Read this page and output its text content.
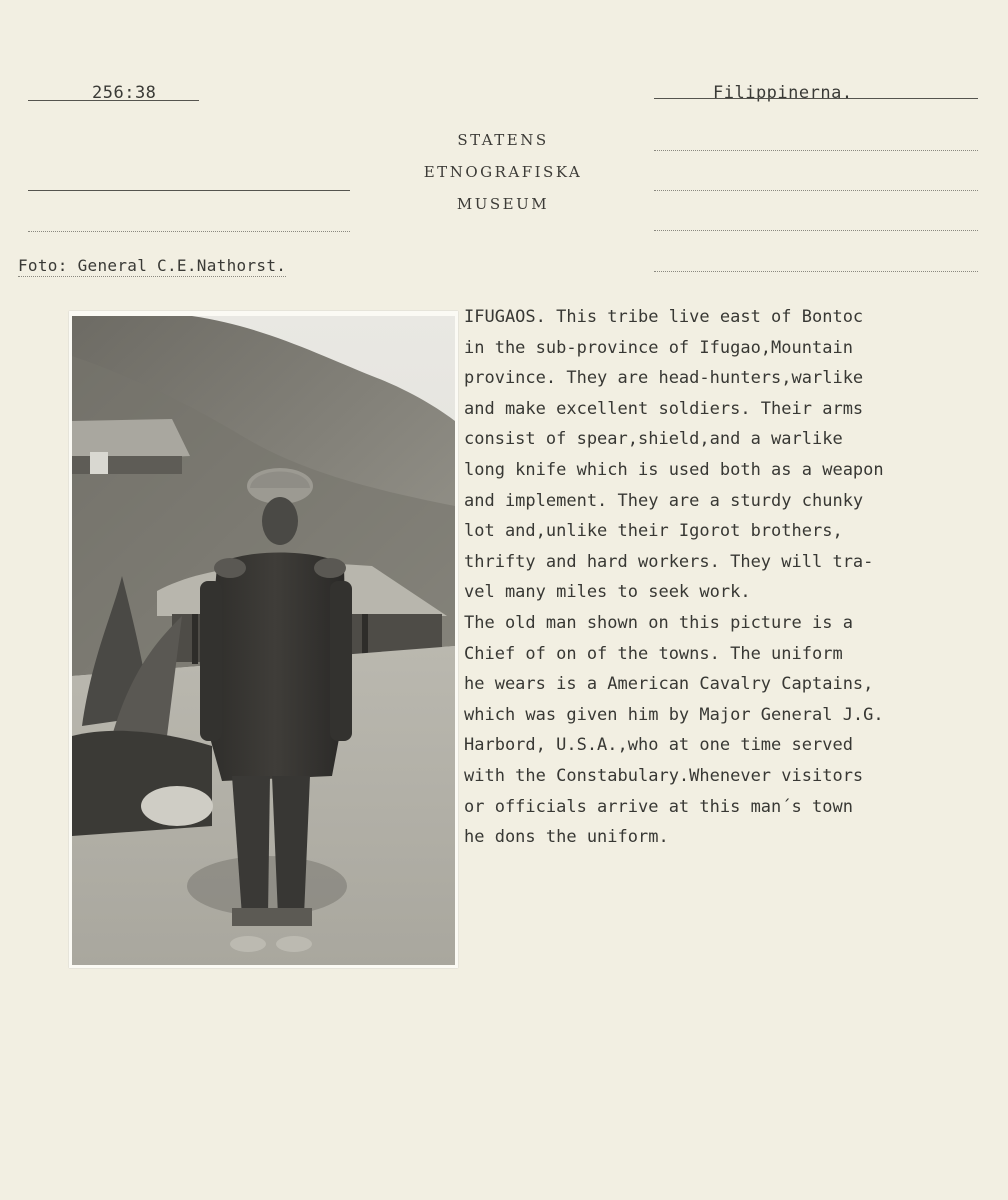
256:38	Filippinerna.
STATENS
ETNOGRAFISKA
MUSEUM
Foto: General C.E.Nathorst.
IFUGAOS. This tribe live east of Bontoc
in the sub-province of Ifugao,Mountain
province. They are head-hunters,warlike
and make excellent soldiers. Their arms
consist of spear,shield,and a warlike
long knife which is used both as a weapon
and implement. They are a sturdy chunky
lot and,unlike their Igorot brothers,
thrifty and hard workers. They will tra-
vel many miles to seek work.
The old man shown on this picture is a
Chief of on of the towns. The uniform
he wears is a American Cavalry Captains,
which was given him by Major General J.G.
Harbord, U.S.A.,who at one time served
with the Constabulary.Whenever visitors
or officials arrive at this man´s town
he dons the uniform.
